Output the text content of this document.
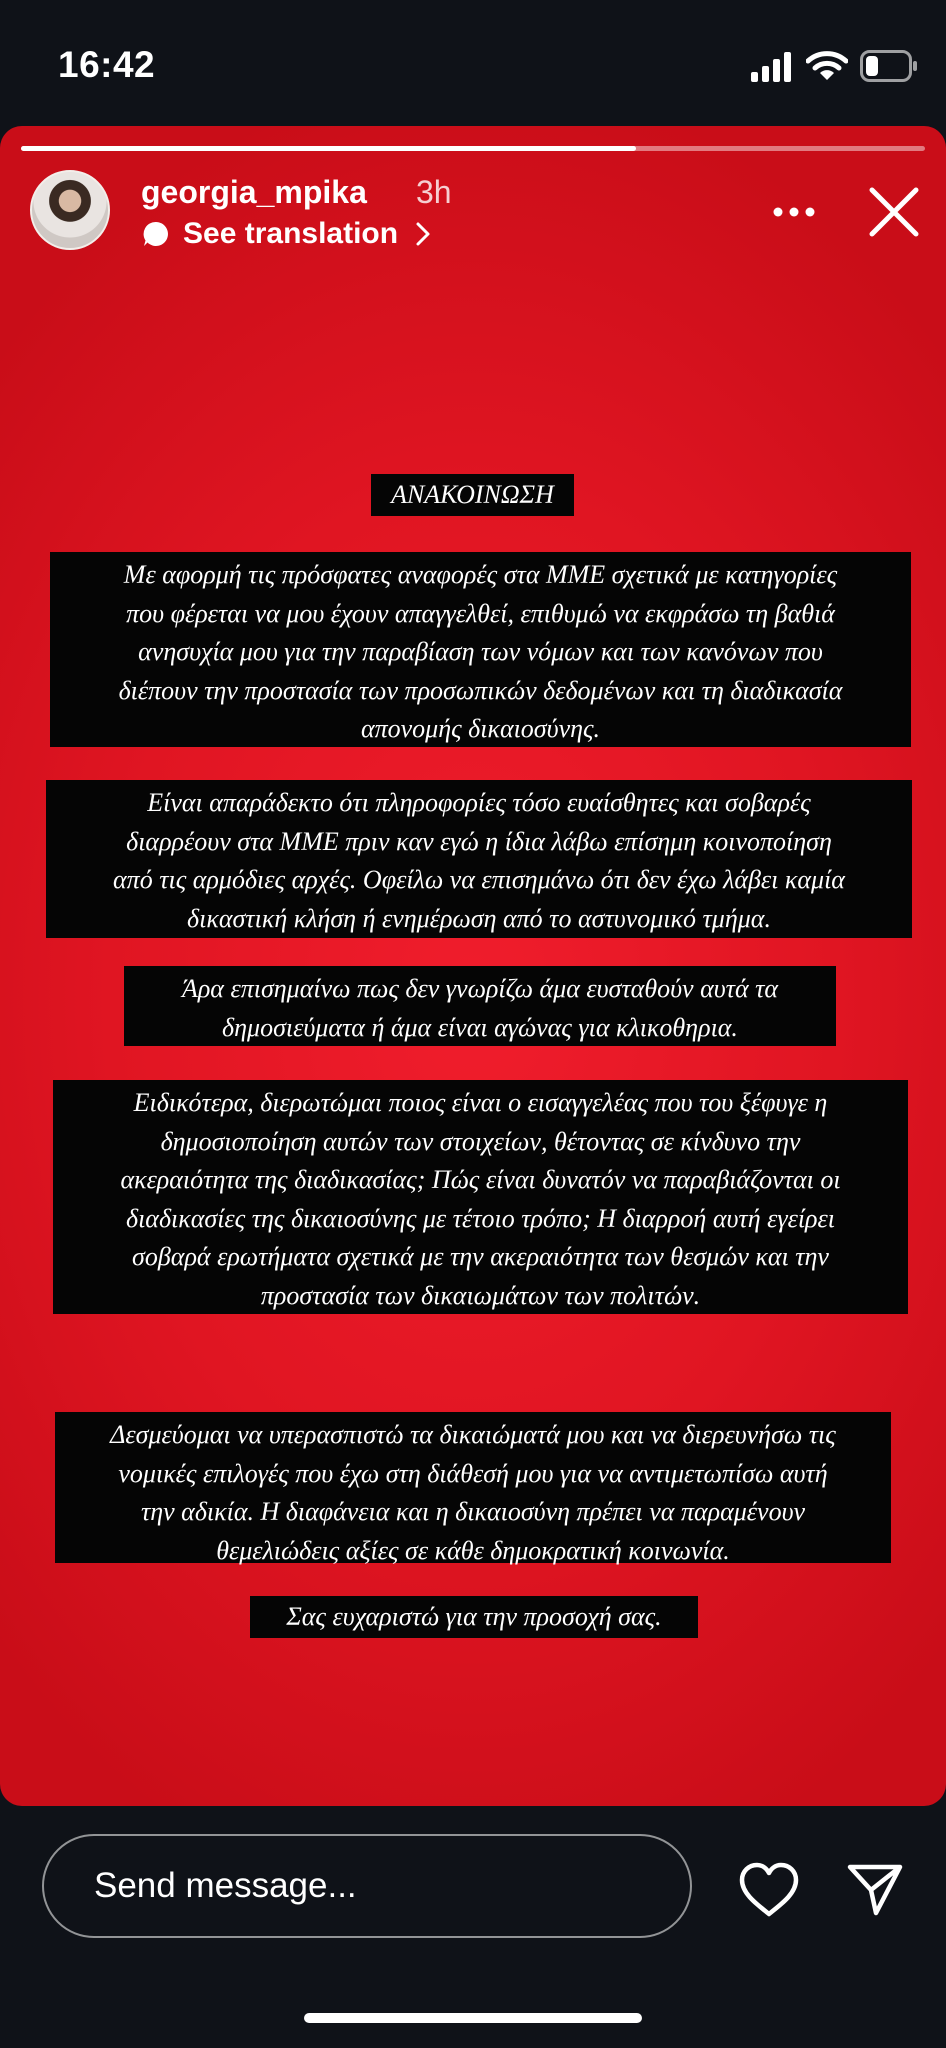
16:42
georgia_mpika 3h
See translation
ΑΝΑΚΟΙΝΩΣΗ
Με αφορμή τις πρόσφατες αναφορές στα ΜΜΕ σχετικά με κατηγορίες
που φέρεται να μου έχουν απαγγελθεί, επιθυμώ να εκφράσω τη βαθιά
ανησυχία μου για την παραβίαση των νόμων και των κανόνων που
διέπουν την προστασία των προσωπικών δεδομένων και τη διαδικασία
απονομής δικαιοσύνης.
Είναι απαράδεκτο ότι πληροφορίες τόσο ευαίσθητες και σοβαρές
διαρρέουν στα ΜΜΕ πριν καν εγώ η ίδια λάβω επίσημη κοινοποίηση
από τις αρμόδιες αρχές. Οφείλω να επισημάνω ότι δεν έχω λάβει καμία
δικαστική κλήση ή ενημέρωση από το αστυνομικό τμήμα.
Άρα επισημαίνω πως δεν γνωρίζω άμα ευσταθούν αυτά τα
δημοσιεύματα ή άμα είναι αγώνας για κλικοθηρια.
Ειδικότερα, διερωτώμαι ποιος είναι ο εισαγγελέας που του ξέφυγε η
δημοσιοποίηση αυτών των στοιχείων, θέτοντας σε κίνδυνο την
ακεραιότητα της διαδικασίας; Πώς είναι δυνατόν να παραβιάζονται οι
διαδικασίες της δικαιοσύνης με τέτοιο τρόπο; Η διαρροή αυτή εγείρει
σοβαρά ερωτήματα σχετικά με την ακεραιότητα των θεσμών και την
προστασία των δικαιωμάτων των πολιτών.
Δεσμεύομαι να υπερασπιστώ τα δικαιώματά μου και να διερευνήσω τις
νομικές επιλογές που έχω στη διάθεσή μου για να αντιμετωπίσω αυτή
την αδικία. Η διαφάνεια και η δικαιοσύνη πρέπει να παραμένουν
θεμελιώδεις αξίες σε κάθε δημοκρατική κοινωνία.
Σας ευχαριστώ για την προσοχή σας.
Send message...
